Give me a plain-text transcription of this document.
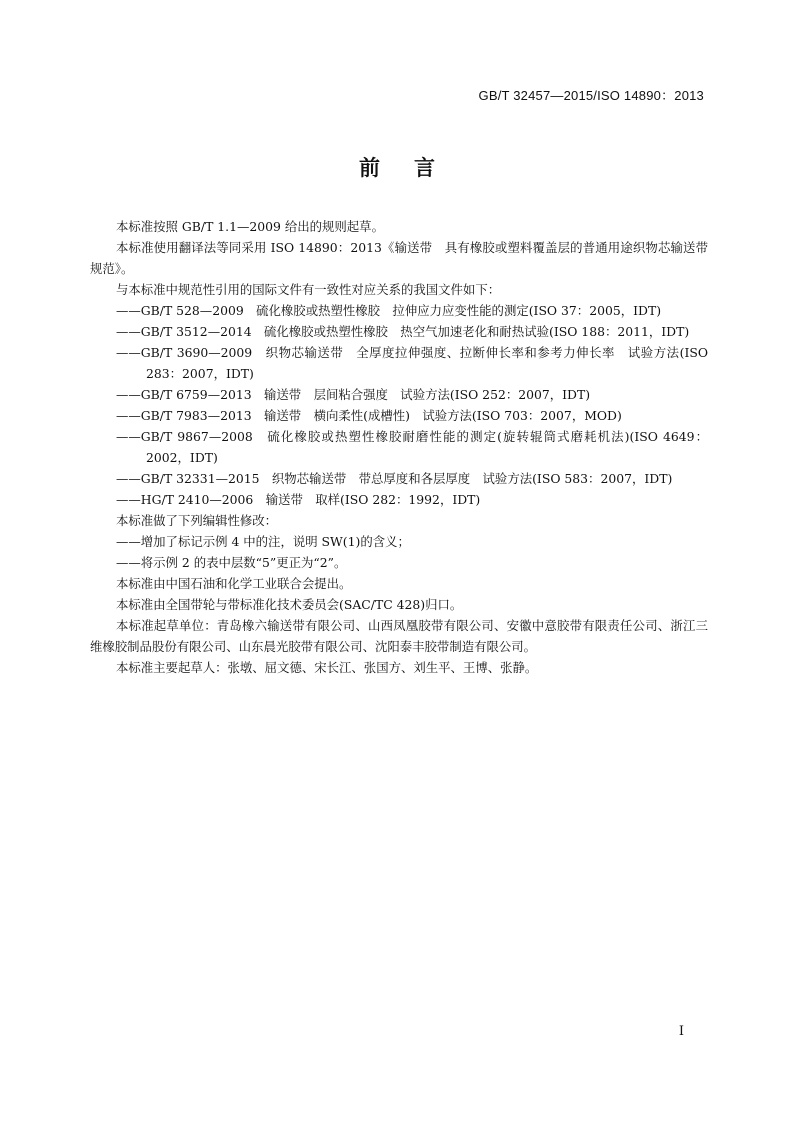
GB/T 32457—2015/ISO 14890：2013
前言

本标准按照 GB/T 1.1—2009 给出的规则起草。

本标准使用翻译法等同采用 ISO 14890：2013《输送带　具有橡胶或塑料覆盖层的普通用途织物芯输送带规范》。

与本标准中规范性引用的国际文件有一致性对应关系的我国文件如下：

——GB/T 528—2009　硫化橡胶或热塑性橡胶　拉伸应力应变性能的测定(ISO 37：2005，IDT)

——GB/T 3512—2014　硫化橡胶或热塑性橡胶　热空气加速老化和耐热试验(ISO 188：2011，IDT)

——GB/T 3690—2009　织物芯输送带　全厚度拉伸强度、拉断伸长率和参考力伸长率　试验方法(ISO 283：2007，IDT)

——GB/T 6759—2013　输送带　层间粘合强度　试验方法(ISO 252：2007，IDT)

——GB/T 7983—2013　输送带　横向柔性(成槽性)　试验方法(ISO 703：2007，MOD)

——GB/T 9867—2008　硫化橡胶或热塑性橡胶耐磨性能的测定(旋转辊筒式磨耗机法)(ISO 4649：2002，IDT)

——GB/T 32331—2015　织物芯输送带　带总厚度和各层厚度　试验方法(ISO 583：2007，IDT)

——HG/T 2410—2006　输送带　取样(ISO 282：1992，IDT)

本标准做了下列编辑性修改：

——增加了标记示例 4 中的注，说明 SW(1)的含义；

——将示例 2 的表中层数“5”更正为“2”。

本标准由中国石油和化学工业联合会提出。

本标准由全国带轮与带标准化技术委员会(SAC/TC 428)归口。

本标准起草单位：青岛橡六输送带有限公司、山西凤凰胶带有限公司、安徽中意胶带有限责任公司、浙江三维橡胶制品股份有限公司、山东晨光胶带有限公司、沈阳泰丰胶带制造有限公司。

本标准主要起草人：张墩、屈文德、宋长江、张国方、刘生平、王博、张静。

I
